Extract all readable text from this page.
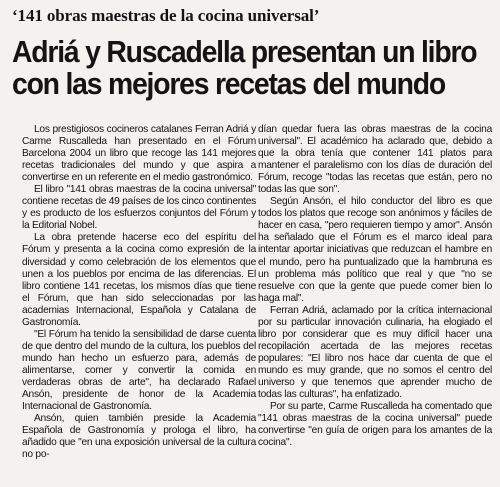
‘141 obras maestras de la cocina universal’
Adriá y Ruscadella presentan un libro
con las mejores recetas del mundo

Los prestigiosos cocineros catalanes Ferran Adriá y Carme Ruscalleda han presentado en el Fórum Barcelona 2004 un libro que recoge las 141 mejores recetas tradicionales del mundo y que aspira a convertirse en un referente en el medio gastronómico.

El libro "141 obras maestras de la cocina universal" contiene recetas de 49 países de los cinco continentes y es producto de los esfuerzos conjuntos del Fórum y la Editorial Nobel.

La obra pretende hacerse eco del espíritu del Fórum y presenta a la cocina como expresión de la diversidad y como celebración de los elementos que unen a los pueblos por encima de las diferencias. El libro contiene 141 recetas, los mismos días que tiene el Fórum, que han sido seleccionadas por las academias Internacional, Española y Catalana de Gastronomía.

"El Fórum ha tenido la sensibilidad de darse cuenta de que dentro del mundo de la cultura, los pueblos del mundo han hecho un esfuerzo para, además de alimentarse, comer y convertir la comida en verdaderas obras de arte", ha declarado Rafael Ansón, presidente de honor de la Academia Internacional de Gastronomía.

Ansón, quien también preside la Academia Española de Gastronomía y prologa el libro, ha añadido que "en una exposición universal de la cultura no po-

dían quedar fuera las obras maestras de la cocina universal". El académico ha aclarado que, debido a que la obra tenía que contener 141 platos para mantener el paralelismo con los días de duración del Fórum, recoge "todas las recetas que están, pero no todas las que son".

Según Ansón, el hilo conductor del libro es que todos los platos que recoge son anónimos y fáciles de hacer en casa, "pero requieren tiempo y amor". Ansón ha señalado que el Fórum es el marco ideal para intentar aportar iniciativas que reduzcan el hambre en el mundo, pero ha puntualizado que la hambruna es un problema más político que real y que "no se resuelve con que la gente que puede comer bien lo haga mal".

Ferran Adriá, aclamado por la crítica internacional por su particular innovación culinaria, ha elogiado el libro por considerar que es muy difícil hacer una recopilación acertada de las mejores recetas populares: "El libro nos hace dar cuenta de que el mundo es muy grande, que no somos el centro del universo y que tenemos que aprender mucho de todas las culturas", ha enfatizado.

Por su parte, Carme Ruscalleda ha comentado que "141 obras maestras de la cocina universal" puede convertirse "en guía de origen para los amantes de la cocina".
